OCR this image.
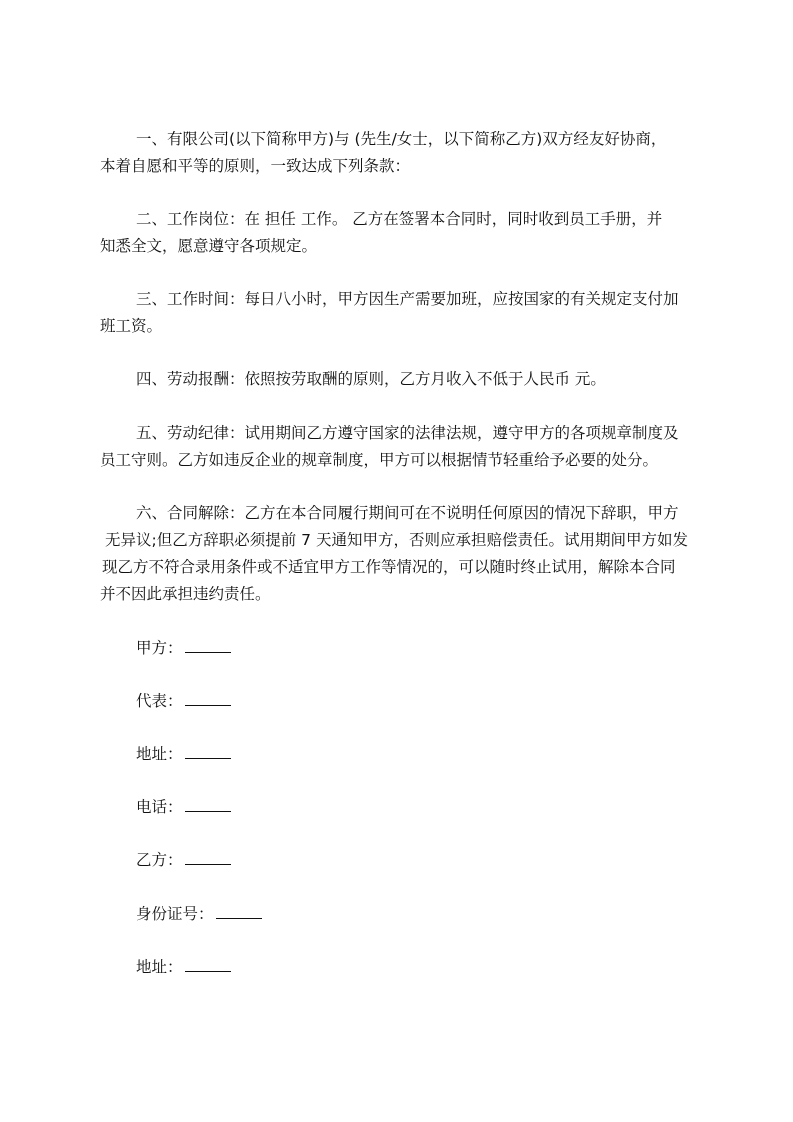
一、有限公司(以下简称甲方)与 (先生/女士，以下简称乙方)双方经友好协商，
本着自愿和平等的原则，一致达成下列条款：
二、工作岗位：在 担任 工作。 乙方在签署本合同时，同时收到员工手册，并
知悉全文，愿意遵守各项规定。
三、工作时间：每日八小时，甲方因生产需要加班，应按国家的有关规定支付加
班工资。
四、劳动报酬：依照按劳取酬的原则，乙方月收入不低于人民币 元。
五、劳动纪律：试用期间乙方遵守国家的法律法规，遵守甲方的各项规章制度及
员工守则。乙方如违反企业的规章制度，甲方可以根据情节轻重给予必要的处分。
六、合同解除：乙方在本合同履行期间可在不说明任何原因的情况下辞职，甲方
无异议;但乙方辞职必须提前 7 天通知甲方，否则应承担赔偿责任。试用期间甲方如发
现乙方不符合录用条件或不适宜甲方工作等情况的，可以随时终止试用，解除本合同
并不因此承担违约责任。
甲方：
代表：
地址：
电话：
乙方：
身份证号：
地址：
